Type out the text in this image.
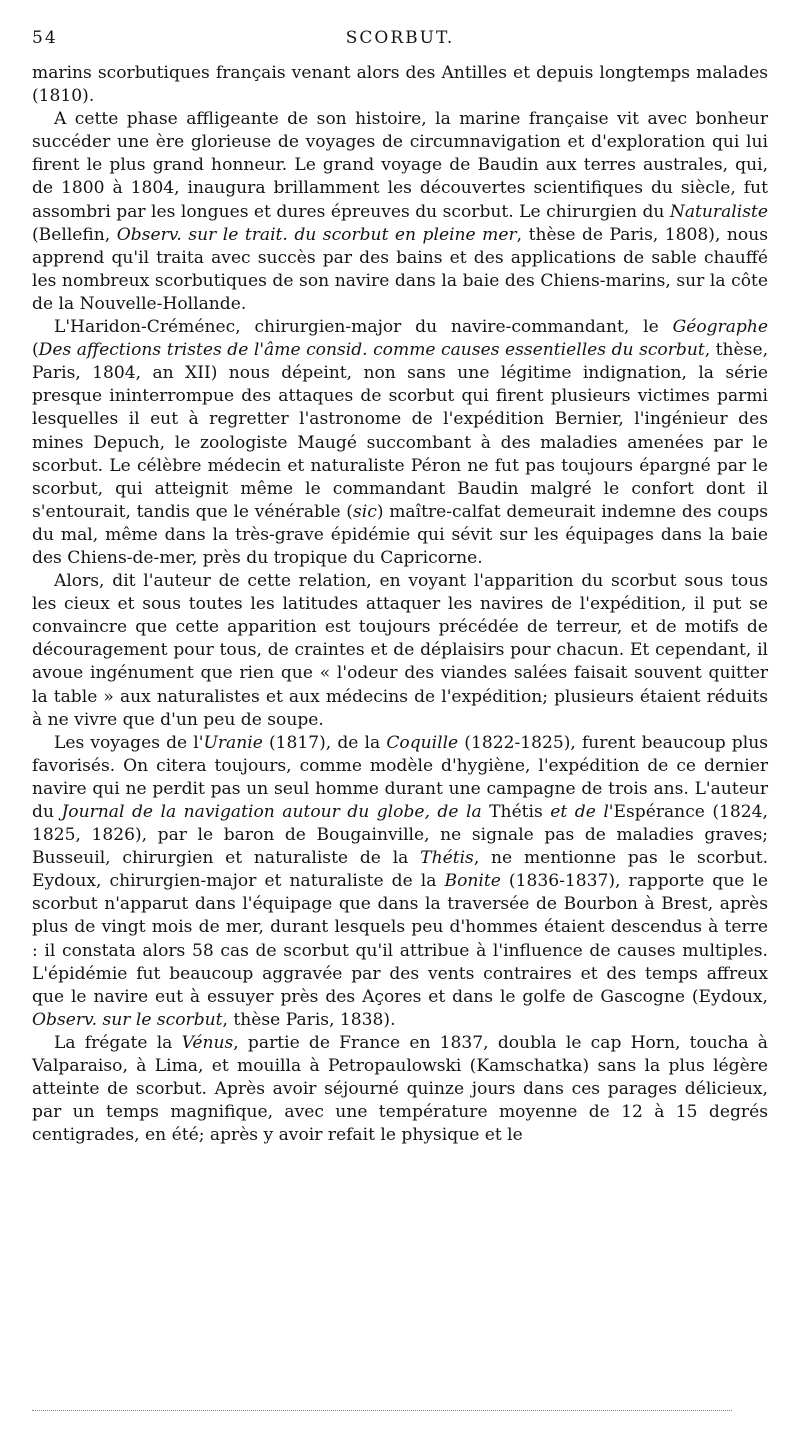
54	SCORBUT.

marins scorbutiques français venant alors des Antilles et depuis longtemps malades (1810).

A cette phase affligeante de son histoire, la marine française vit avec bonheur succéder une ère glorieuse de voyages de circumnavigation et d'exploration qui lui firent le plus grand honneur. Le grand voyage de Baudin aux terres australes, qui, de 1800 à 1804, inaugura brillamment les découvertes scientifiques du siècle, fut assombri par les longues et dures épreuves du scorbut. Le chirurgien du Naturaliste (Bellefin, Observ. sur le trait. du scorbut en pleine mer, thèse de Paris, 1808), nous apprend qu'il traita avec succès par des bains et des applications de sable chauffé les nombreux scorbutiques de son navire dans la baie des Chiens-marins, sur la côte de la Nouvelle-Hollande.

L'Haridon-Créménec, chirurgien-major du navire-commandant, le Géographe (Des affections tristes de l'âme consid. comme causes essentielles du scorbut, thèse, Paris, 1804, an XII) nous dépeint, non sans une légitime indignation, la série presque ininterrompue des attaques de scorbut qui firent plusieurs victimes parmi lesquelles il eut à regretter l'astronome de l'expédition Bernier, l'ingénieur des mines Depuch, le zoologiste Maugé succombant à des maladies amenées par le scorbut. Le célèbre médecin et naturaliste Péron ne fut pas toujours épargné par le scorbut, qui atteignit même le commandant Baudin malgré le confort dont il s'entourait, tandis que le vénérable (sic) maître-calfat demeurait indemne des coups du mal, même dans la très-grave épidémie qui sévit sur les équipages dans la baie des Chiens-de-mer, près du tropique du Capricorne.

Alors, dit l'auteur de cette relation, en voyant l'apparition du scorbut sous tous les cieux et sous toutes les latitudes attaquer les navires de l'expédition, il put se convaincre que cette apparition est toujours précédée de terreur, et de motifs de découragement pour tous, de craintes et de déplaisirs pour chacun. Et cependant, il avoue ingénument que rien que « l'odeur des viandes salées faisait souvent quitter la table » aux naturalistes et aux médecins de l'expédition; plusieurs étaient réduits à ne vivre que d'un peu de soupe.

Les voyages de l'Uranie (1817), de la Coquille (1822-1825), furent beaucoup plus favorisés. On citera toujours, comme modèle d'hygiène, l'expédition de ce dernier navire qui ne perdit pas un seul homme durant une campagne de trois ans. L'auteur du Journal de la navigation autour du globe, de la Thétis et de l'Espérance (1824, 1825, 1826), par le baron de Bougainville, ne signale pas de maladies graves; Busseuil, chirurgien et naturaliste de la Thétis, ne mentionne pas le scorbut. Eydoux, chirurgien-major et naturaliste de la Bonite (1836-1837), rapporte que le scorbut n'apparut dans l'équipage que dans la traversée de Bourbon à Brest, après plus de vingt mois de mer, durant lesquels peu d'hommes étaient descendus à terre : il constata alors 58 cas de scorbut qu'il attribue à l'influence de causes multiples. L'épidémie fut beaucoup aggravée par des vents contraires et des temps affreux que le navire eut à essuyer près des Açores et dans le golfe de Gascogne (Eydoux, Observ. sur le scorbut, thèse Paris, 1838).

La frégate la Vénus, partie de France en 1837, doubla le cap Horn, toucha à Valparaiso, à Lima, et mouilla à Petropaulowski (Kamschatka) sans la plus légère atteinte de scorbut. Après avoir séjourné quinze jours dans ces parages délicieux, par un temps magnifique, avec une température moyenne de 12 à 15 degrés centigrades, en été; après y avoir refait le physique et le
